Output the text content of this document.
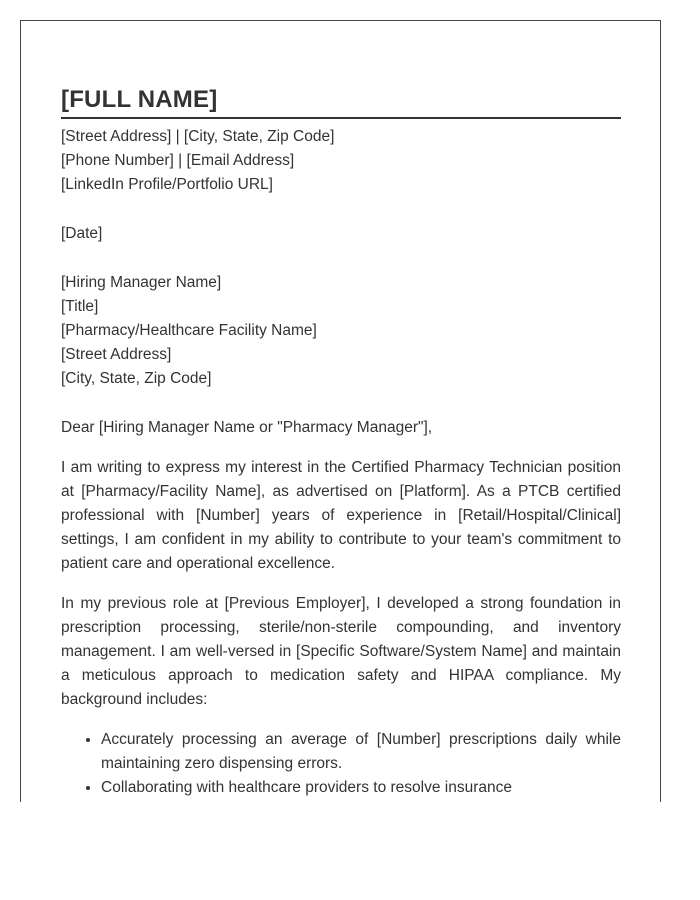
[FULL NAME]

[Street Address] | [City, State, Zip Code]

[Phone Number] | [Email Address]

[LinkedIn Profile/Portfolio URL]

[Date]

[Hiring Manager Name]

[Title]

[Pharmacy/Healthcare Facility Name]

[Street Address]

[City, State, Zip Code]

Dear [Hiring Manager Name or "Pharmacy Manager"],

I am writing to express my interest in the Certified Pharmacy Technician position at [Pharmacy/Facility Name], as advertised on [Platform]. As a PTCB certified professional with [Number] years of experience in [Retail/Hospital/Clinical] settings, I am confident in my ability to contribute to your team's commitment to patient care and operational excellence.

In my previous role at [Previous Employer], I developed a strong foundation in prescription processing, sterile/non-sterile compounding, and inventory management. I am well-versed in [Specific Software/System Name] and maintain a meticulous approach to medication safety and HIPAA compliance. My background includes:

• Accurately processing an average of [Number] prescriptions daily while maintaining zero dispensing errors.
• Collaborating with healthcare providers to resolve insurance
